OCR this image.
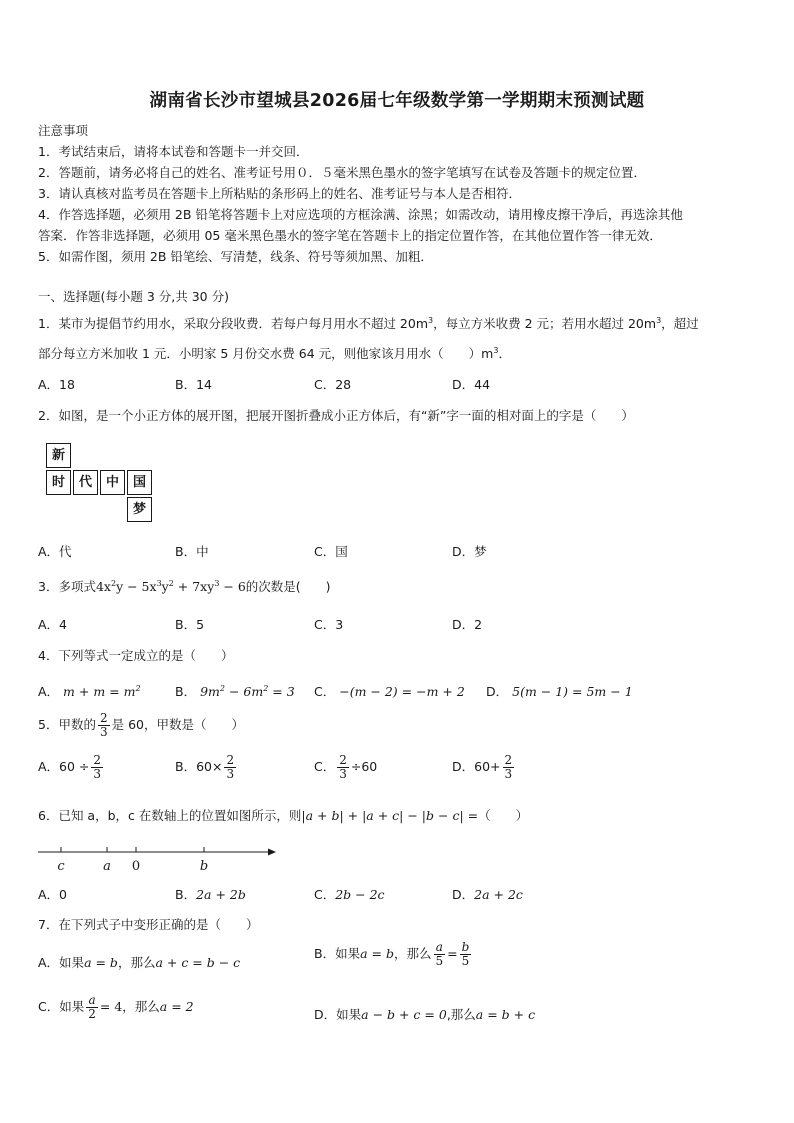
湖南省长沙市望城县2026届七年级数学第一学期期末预测试题
注意事项
1．考试结束后，请将本试卷和答题卡一并交回．
2．答题前，请务必将自己的姓名、准考证号用０．５毫米黑色墨水的签字笔填写在试卷及答题卡的规定位置．
3．请认真核对监考员在答题卡上所粘贴的条形码上的姓名、准考证号与本人是否相符．
4．作答选择题，必须用 2B 铅笔将答题卡上对应选项的方框涂满、涂黑；如需改动，请用橡皮擦干净后，再选涂其他
答案．作答非选择题，必须用 05 毫米黑色墨水的签字笔在答题卡上的指定位置作答，在其他位置作答一律无效．
5．如需作图，须用 2B 铅笔绘、写清楚，线条、符号等须加黑、加粗．
一、选择题(每小题 3 分,共 30 分)
1．某市为提倡节约用水，采取分段收费．若每户每月用水不超过 $20m^3$，每立方米收费 2 元；若用水超过 $20m^3$，超过
部分每立方米加收 1 元．小明家 5 月份交水费 64 元，则他家该月用水（　　）$m^3$．
A．18	B．14	C．28	D．44
2．如图，是一个小正方体的展开图，把展开图折叠成小正方体后，有“新”字一面的相对面上的字是（　　）
新
时	代	中	国
梦
A．代	B．中	C．国	D．梦
3．多项式$4x^2y - 5x^3y^2 + 7xy^3 - 6$的次数是(　　)
A．4	B．5	C．3	D．2
4．下列等式一定成立的是（　　）
A． $m + m = m^2$	B． $9m^2 - 6m^2 = 3$ C． −(m − 2) = −m + 2 D． 5(m − 1) = 5m − 1
5．甲数的 $\frac{2}{3}$ 是 60，甲数是（　　）
A．$60 \div \frac{2}{3}$	B．$60\times \frac{2}{3}$	C． $\frac{2}{3} \div 60$	D．$60+ \frac{2}{3}$
6．已知 a，b，c 在数轴上的位置如图所示，则|a + b| + |a + c| − |b − c| =（　　）
c	a 0	b
A．0	B．2a + 2b	C．2b − 2c	D．2a + 2c
7．在下列式子中变形正确的是（　　）
A．如果a = b，那么a + c = b − c
B．如果a = b，那么 $\frac{a}{5} = \frac{b}{5}$
C．如果 $\frac{a}{2} = 4$，那么a = 2
D．如果a − b + c = 0,那么a = b + c
